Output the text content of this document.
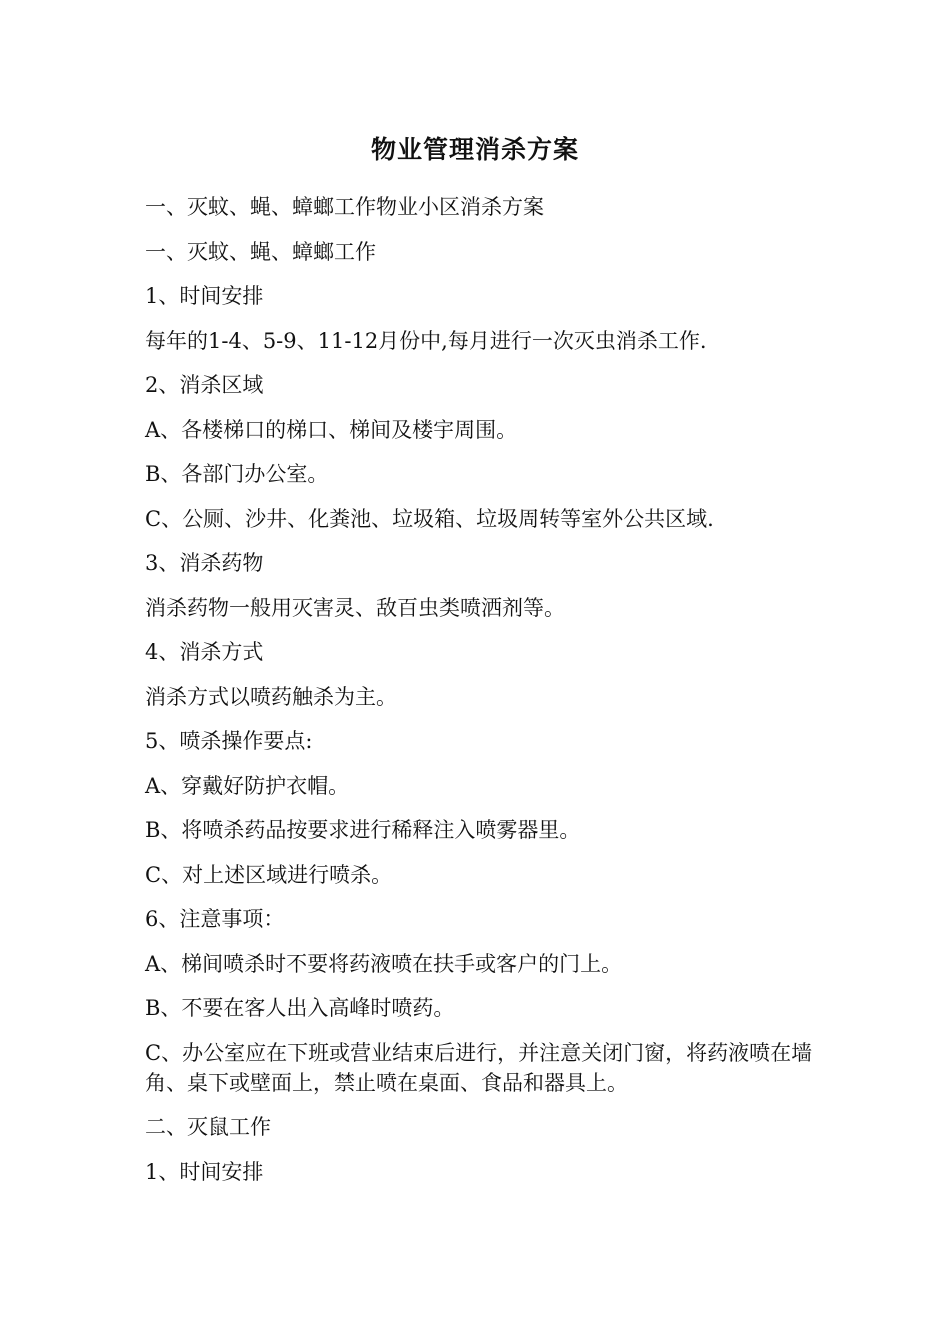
物业管理消杀方案

一、灭蚊、蝇、蟑螂工作物业小区消杀方案

一、灭蚊、蝇、蟑螂工作

1、时间安排

每年的1-4、5-9、11-12月份中,每月进行一次灭虫消杀工作.

2、消杀区域

A、各楼梯口的梯口、梯间及楼宇周围。

B、各部门办公室。

C、公厕、沙井、化粪池、垃圾箱、垃圾周转等室外公共区域.

3、消杀药物

消杀药物一般用灭害灵、敌百虫类喷洒剂等。

4、消杀方式

消杀方式以喷药触杀为主。

5、喷杀操作要点:

A、穿戴好防护衣帽。

B、将喷杀药品按要求进行稀释注入喷雾器里。

C、对上述区域进行喷杀。

6、注意事项：

A、梯间喷杀时不要将药液喷在扶手或客户的门上。

B、不要在客人出入高峰时喷药。

C、办公室应在下班或营业结束后进行，并注意关闭门窗，将药液喷在墙角、桌下或壁面上，禁止喷在桌面、食品和器具上。

二、灭鼠工作

1、时间安排
